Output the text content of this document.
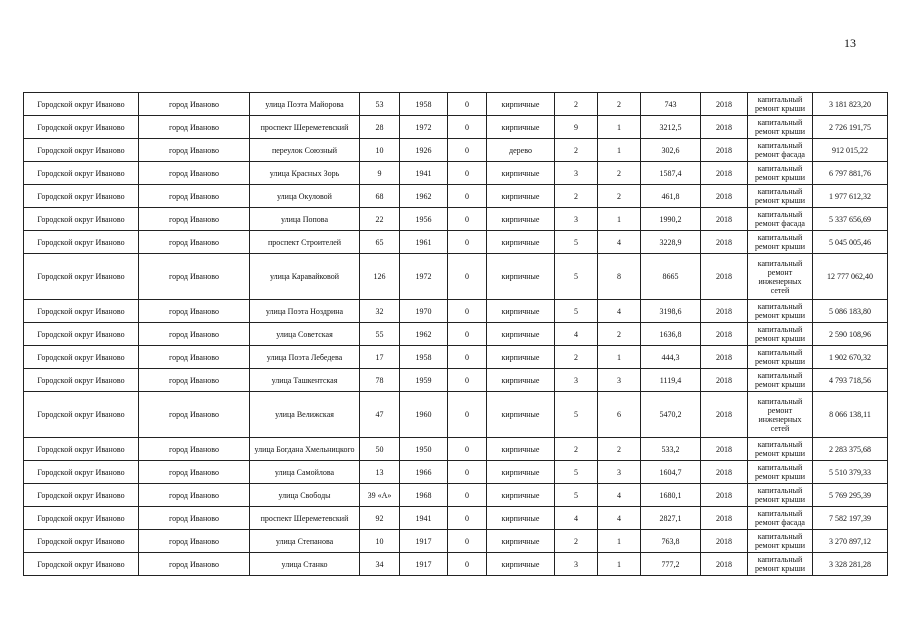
13
Городской округ Иваново	город Иваново	улица Поэта Майорова	53	1958	0	кирпичные	2	2	743	2018	капитальный ремонт крыши	3 181 823,20
Городской округ Иваново	город Иваново	проспект Шереметевский	28	1972	0	кирпичные	9	1	3212,5	2018	капитальный ремонт крыши	2 726 191,75
Городской округ Иваново	город Иваново	переулок Союзный	10	1926	0	дерево	2	1	302,6	2018	капитальный ремонт фасада	912 015,22
Городской округ Иваново	город Иваново	улица Красных Зорь	9	1941	0	кирпичные	3	2	1587,4	2018	капитальный ремонт крыши	6 797 881,76
Городской округ Иваново	город Иваново	улица Окуловой	68	1962	0	кирпичные	2	2	461,8	2018	капитальный ремонт крыши	1 977 612,32
Городской округ Иваново	город Иваново	улица Попова	22	1956	0	кирпичные	3	1	1990,2	2018	капитальный ремонт фасада	5 337 656,69
Городской округ Иваново	город Иваново	проспект Строителей	65	1961	0	кирпичные	5	4	3228,9	2018	капитальный ремонт крыши	5 045 005,46
Городской округ Иваново	город Иваново	улица Каравайковой	126	1972	0	кирпичные	5	8	8665	2018	капитальный ремонт инженерных сетей	12 777 062,40
Городской округ Иваново	город Иваново	улица Поэта Ноздрина	32	1970	0	кирпичные	5	4	3198,6	2018	капитальный ремонт крыши	5 086 183,80
Городской округ Иваново	город Иваново	улица Советская	55	1962	0	кирпичные	4	2	1636,8	2018	капитальный ремонт крыши	2 590 108,96
Городской округ Иваново	город Иваново	улица Поэта Лебедева	17	1958	0	кирпичные	2	1	444,3	2018	капитальный ремонт крыши	1 902 670,32
Городской округ Иваново	город Иваново	улица Ташкентская	78	1959	0	кирпичные	3	3	1119,4	2018	капитальный ремонт крыши	4 793 718,56
Городской округ Иваново	город Иваново	улица Велижская	47	1960	0	кирпичные	5	6	5470,2	2018	капитальный ремонт инженерных сетей	8 066 138,11
Городской округ Иваново	город Иваново	улица Богдана Хмельницкого	50	1950	0	кирпичные	2	2	533,2	2018	капитальный ремонт крыши	2 283 375,68
Городской округ Иваново	город Иваново	улица Самойлова	13	1966	0	кирпичные	5	3	1604,7	2018	капитальный ремонт крыши	5 510 379,33
Городской округ Иваново	город Иваново	улица Свободы	39 «А»	1968	0	кирпичные	5	4	1680,1	2018	капитальный ремонт крыши	5 769 295,39
Городской округ Иваново	город Иваново	проспект Шереметевский	92	1941	0	кирпичные	4	4	2827,1	2018	капитальный ремонт фасада	7 582 197,39
Городской округ Иваново	город Иваново	улица Степанова	10	1917	0	кирпичные	2	1	763,8	2018	капитальный ремонт крыши	3 270 897,12
Городской округ Иваново	город Иваново	улица Станко	34	1917	0	кирпичные	3	1	777,2	2018	капитальный ремонт крыши	3 328 281,28
